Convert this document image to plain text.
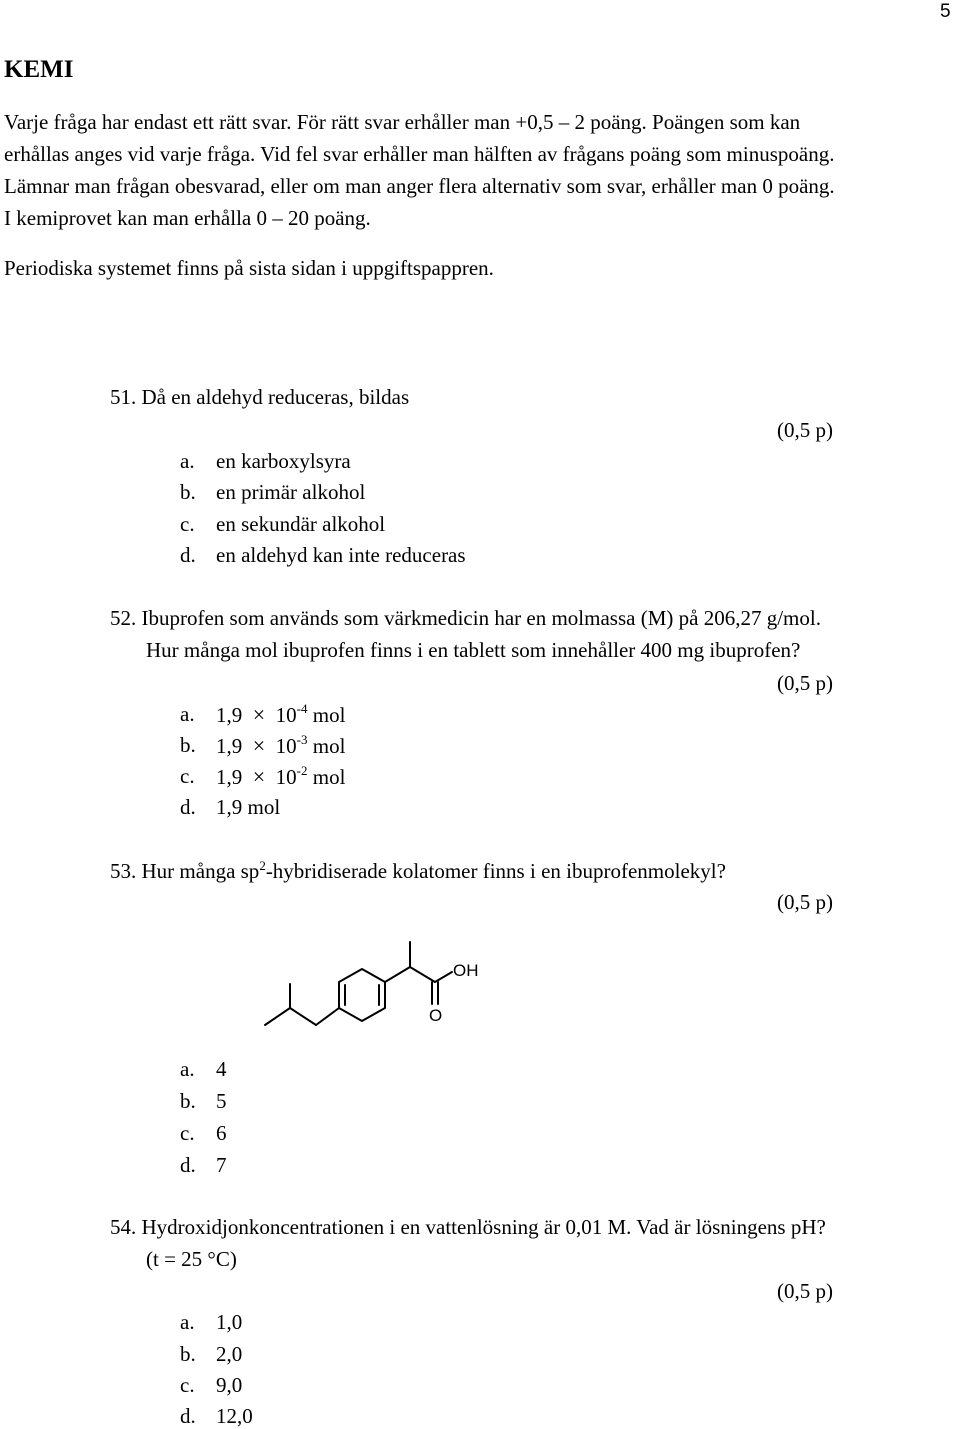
5
KEMI
Varje fråga har endast ett rätt svar. För rätt svar erhåller man +0,5 – 2 poäng. Poängen som kan
erhållas anges vid varje fråga. Vid fel svar erhåller man hälften av frågans poäng som minuspoäng.
Lämnar man frågan obesvarad, eller om man anger flera alternativ som svar, erhåller man 0 poäng.
I kemiprovet kan man erhålla 0 – 20 poäng.
Periodiska systemet finns på sista sidan i uppgiftspappren.
51. Då en aldehyd reduceras, bildas
(0,5 p)
a. en karboxylsyra
b. en primär alkohol
c. en sekundär alkohol
d. en aldehyd kan inte reduceras
52. Ibuprofen som används som värkmedicin har en molmassa (M) på 206,27 g/mol.
Hur många mol ibuprofen finns i en tablett som innehåller 400 mg ibuprofen?
(0,5 p)
a. $1,9 \times 10^{-4}$ mol
b. $1,9 \times 10^{-3}$ mol
c. $1,9 \times 10^{-2}$ mol
d. 1,9 mol
53. Hur många $sp^2$-hybridiserade kolatomer finns i en ibuprofenmolekyl?
(0,5 p)
OH
O
a. 4
b. 5
c. 6
d. 7
54. Hydroxidjonkoncentrationen i en vattenlösning är 0,01 M. Vad är lösningens pH?
(t = 25 °C)
(0,5 p)
a. 1,0
b. 2,0
c. 9,0
d. 12,0
